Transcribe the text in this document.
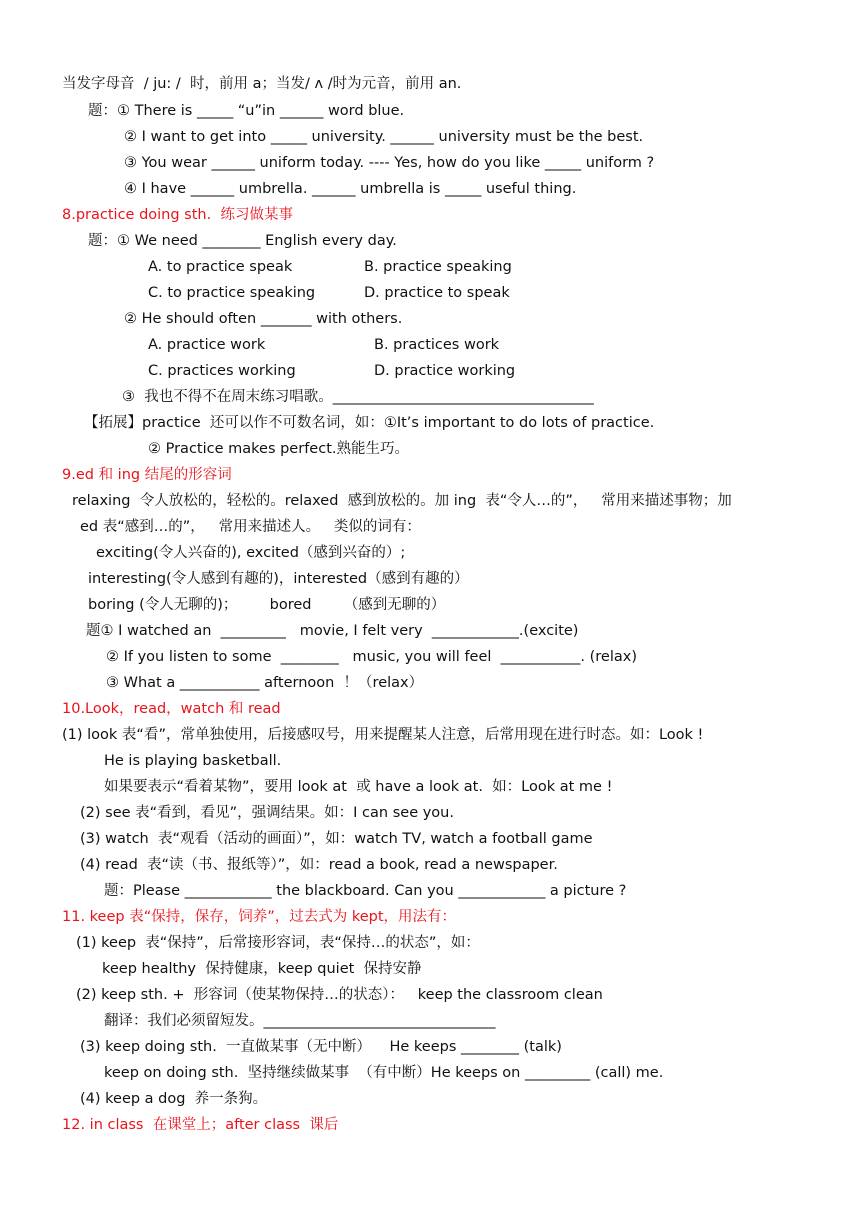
当发字母音  / ju: /  时，前用 a；当发/ ʌ /时为元音，前用 an.
题：① There is _____ “u”in ______ word blue.
② I want to get into _____ university. ______ university must be the best.
③ You wear ______ uniform today. ---- Yes, how do you like _____ uniform ?
④ I have ______ umbrella. ______ umbrella is _____ useful thing.
8.practice doing sth.  练习做某事
题：① We need ________ English every day.
A. to practice speak	B. practice speaking
C. to practice speaking	D. practice to speak
② He should often _______ with others.
A. practice work	B. practices work
C. practices working	D. practice working
③  我也不得不在周末练习唱歌。____________________________________
【拓展】practice  还可以作不可数名词，如：①It’s important to do lots of practice.
② Practice makes perfect.熟能生巧。
9.ed 和 ing 结尾的形容词
relaxing  令人放松的，轻松的。relaxed  感到放松的。加 ing  表“令人…的”，   常用来描述事物；加
ed 表“感到…的”，   常用来描述人。   类似的词有：
exciting(令人兴奋的), excited（感到兴奋的）;
interesting(令人感到有趣的)，interested（感到有趣的）
boring (令人无聊的)；       bored       （感到无聊的）
题① I watched an  _________   movie, I felt very  ____________.(excite)
② If you listen to some  ________   music, you will feel  ___________. (relax)
③ What a ___________ afternoon  ！（relax）
10.Look，read，watch 和 read
(1) look 表“看”，常单独使用，后接感叹号，用来提醒某人注意，后常用现在进行时态。如：Look !
He is playing basketball.
如果要表示“看着某物”，要用 look at  或 have a look at.  如：Look at me !
(2) see 表“看到，看见”，强调结果。如：I can see you.
(3) watch  表“观看（活动的画面）”，如：watch TV, watch a football game
(4) read  表“读（书、报纸等）”，如：read a book, read a newspaper.
题：Please ____________ the blackboard. Can you ____________ a picture ?
11. keep 表“保持，保存，饲养”，过去式为 kept，用法有：
(1) keep  表“保持”，后常接形容词，表“保持…的状态”，如：
keep healthy  保持健康，keep quiet  保持安静
(2) keep sth. +  形容词（使某物保持…的状态）：   keep the classroom clean
翻译：我们必须留短发。________________________________
(3) keep doing sth.  一直做某事（无中断）    He keeps ________ (talk)
keep on doing sth.  坚持继续做某事  （有中断）He keeps on _________ (call) me.
(4) keep a dog  养一条狗。
12. in class  在课堂上；after class  课后
